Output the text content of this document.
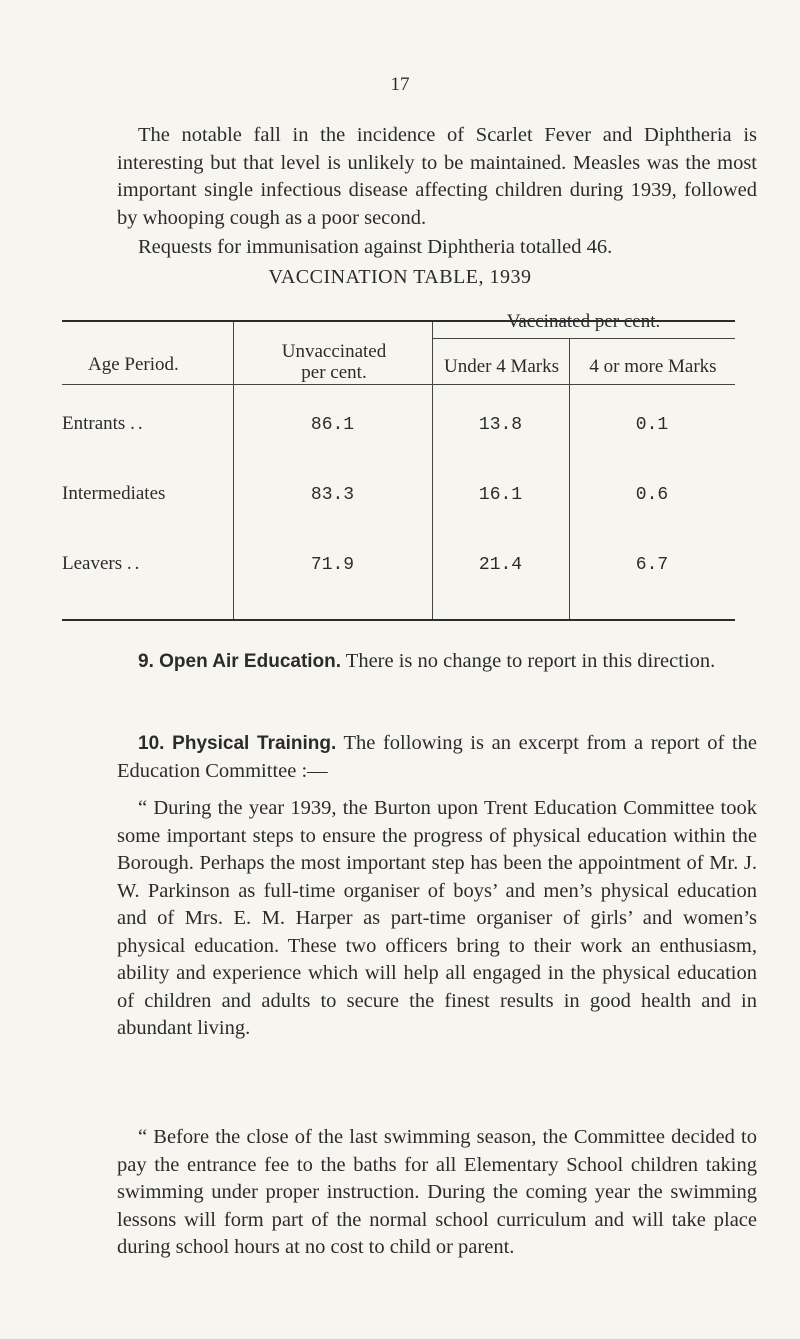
17

The notable fall in the incidence of Scarlet Fever and Diphtheria is interesting but that level is unlikely to be maintained. Measles was the most important single infectious disease affecting children during 1939, followed by whooping cough as a poor second.

Requests for immunisation against Diphtheria totalled 46.

VACCINATION TABLE, 1939
Age Period.
Unvaccinated
per cent.
Vaccinated per cent.
Under 4 Marks	4 or more Marks
Entrants ..	86.1	13.8	0.1
Intermediates	83.3	16.1	0.6
Leavers ..	71.9	21.4	6.7

9. Open Air Education. There is no change to report in this direction.

10. Physical Training. The following is an excerpt from a report of the Education Committee :—

“ During the year 1939, the Burton upon Trent Education Committee took some important steps to ensure the progress of physical education within the Borough. Perhaps the most important step has been the appointment of Mr. J. W. Parkinson as full-time organiser of boys’ and men’s physical education and of Mrs. E. M. Harper as part-time organiser of girls’ and women’s physical education. These two officers bring to their work an enthusiasm, ability and experience which will help all engaged in the physical education of children and adults to secure the finest results in good health and in abundant living.

“ Before the close of the last swimming season, the Committee decided to pay the entrance fee to the baths for all Elementary School children taking swimming under proper instruction. During the coming year the swimming lessons will form part of the normal school curriculum and will take place during school hours at no cost to child or parent.
